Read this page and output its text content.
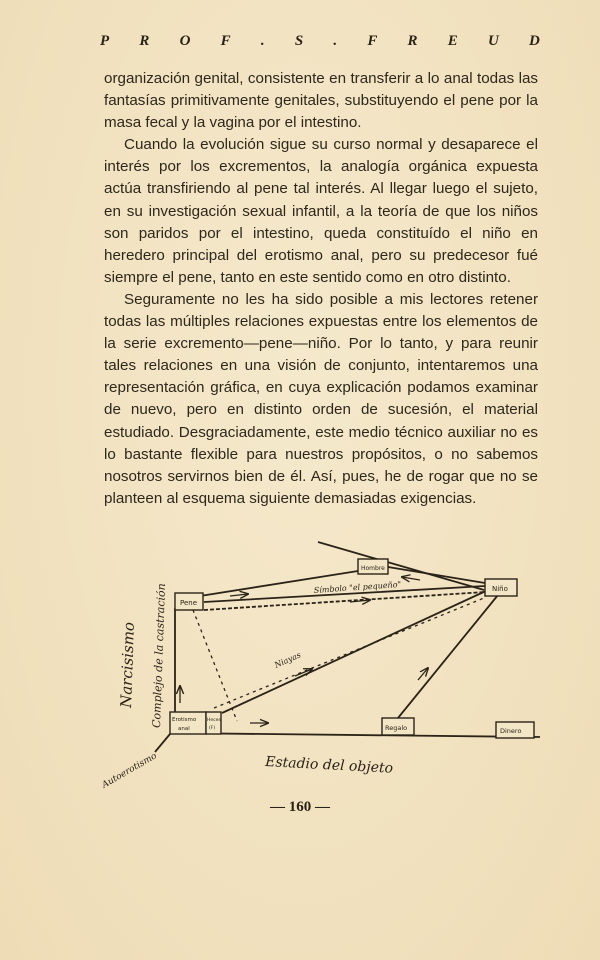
P R O F . S . F R E U D

organización genital, consistente en transferir a lo anal todas las fantasías primitivamente genitales, substituyendo el pene por la masa fecal y la vagina por el intestino.

Cuando la evolución sigue su curso normal y desaparece el interés por los excrementos, la analogía orgánica expuesta actúa transfiriendo al pene tal interés. Al llegar luego el sujeto, en su investigación sexual infantil, a la teoría de que los niños son paridos por el intestino, queda constituído el niño en heredero principal del erotismo anal, pero su predecesor fué siempre el pene, tanto en este sentido como en otro distinto.

Seguramente no les ha sido posible a mis lectores retener todas las múltiples relaciones expuestas entre los elementos de la serie excremento—pene—niño. Por lo tanto, y para reunir tales relaciones en una visión de conjunto, intentaremos una representación gráfica, en cuya explicación podamos examinar de nuevo, pero en distinto orden de sucesión, el material estudiado. Desgraciadamente, este medio técnico auxiliar no es lo bastante flexible para nuestros propósitos, o no sabemos nosotros servirnos bien de él. Así, pues, he de rogar que no se planteen al esquema siguiente demasiadas exigencias.

Pene
Hombre
Niño
Erotismo
anal
Heces
(F)	Regalo	Dinero
Símbolo "el pequeño"
Niayas
Narcisismo Complejo de la castración
Estadio del objeto
Autoerotismo
— 160 —
